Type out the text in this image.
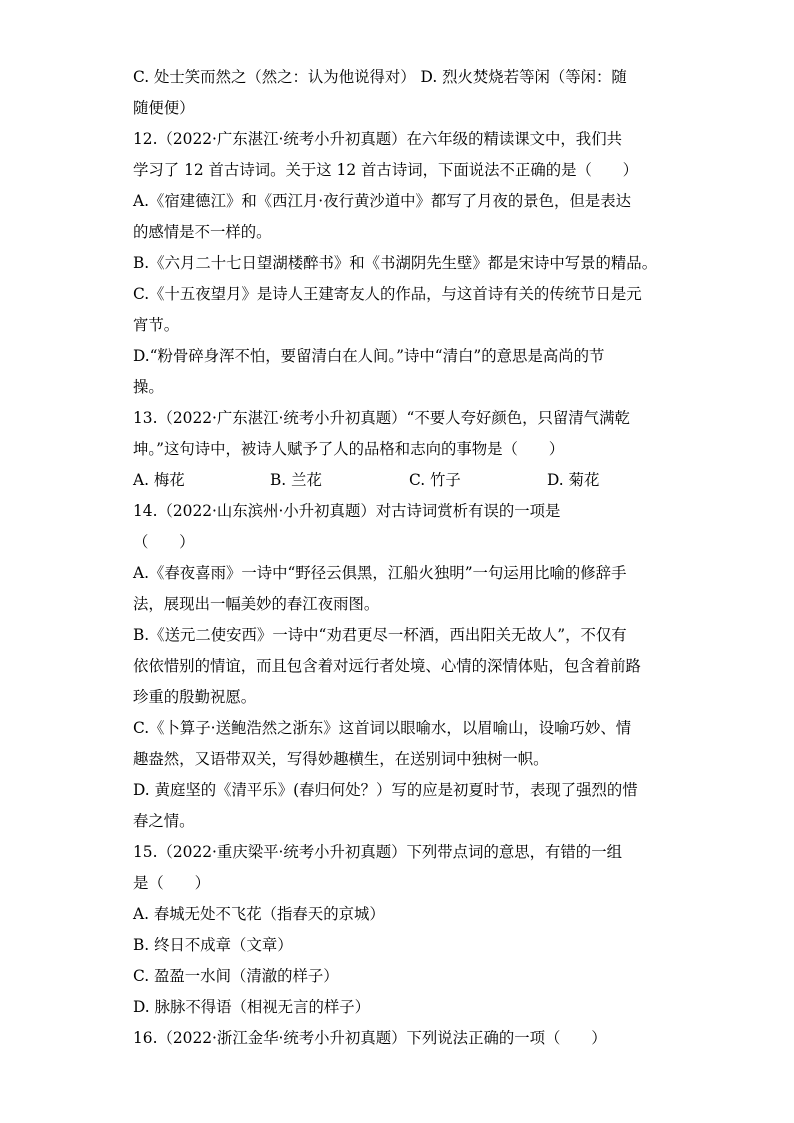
C. 处士笑而然之（然之：认为他说得对） D. 烈火焚烧若等闲（等闲：随
随便便）
12.（2022·广东湛江·统考小升初真题）在六年级的精读课文中，我们共
学习了 12 首古诗词。关于这 12 首古诗词，下面说法不正确的是（　　）
A.《宿建德江》和《西江月·夜行黄沙道中》都写了月夜的景色，但是表达
的感情是不一样的。
B.《六月二十七日望湖楼醉书》和《书湖阴先生壁》都是宋诗中写景的精品。
C.《十五夜望月》是诗人王建寄友人的作品，与这首诗有关的传统节日是元
宵节。
D.“粉骨碎身浑不怕，要留清白在人间。”诗中“清白”的意思是高尚的节
操。
13.（2022·广东湛江·统考小升初真题）“不要人夸好颜色，只留清气满乾
坤。”这句诗中，被诗人赋予了人的品格和志向的事物是（　　）
A. 梅花	B. 兰花	C. 竹子	D. 菊花
14.（2022·山东滨州·小升初真题）对古诗词赏析有误的一项是
（　　）
A.《春夜喜雨》一诗中“野径云俱黑，江船火独明”一句运用比喻的修辞手
法，展现出一幅美妙的春江夜雨图。
B.《送元二使安西》一诗中“劝君更尽一杯酒，西出阳关无故人”，不仅有
依依惜别的情谊，而且包含着对远行者处境、心情的深情体贴，包含着前路
珍重的殷勤祝愿。
C.《卜算子·送鲍浩然之浙东》这首词以眼喻水，以眉喻山，设喻巧妙、情
趣盎然，又语带双关，写得妙趣横生，在送别词中独树一帜。
D. 黄庭坚的《清平乐》(春归何处？）写的应是初夏时节，表现了强烈的惜
春之情。
15.（2022·重庆梁平·统考小升初真题）下列带点词的意思，有错的一组
是（　　）
A. 春城无处不飞花（指春天的京城）
B. 终日不成章（文章）
C. 盈盈一水间（清澈的样子）
D. 脉脉不得语（相视无言的样子）
16.（2022·浙江金华·统考小升初真题）下列说法正确的一项（　　）
